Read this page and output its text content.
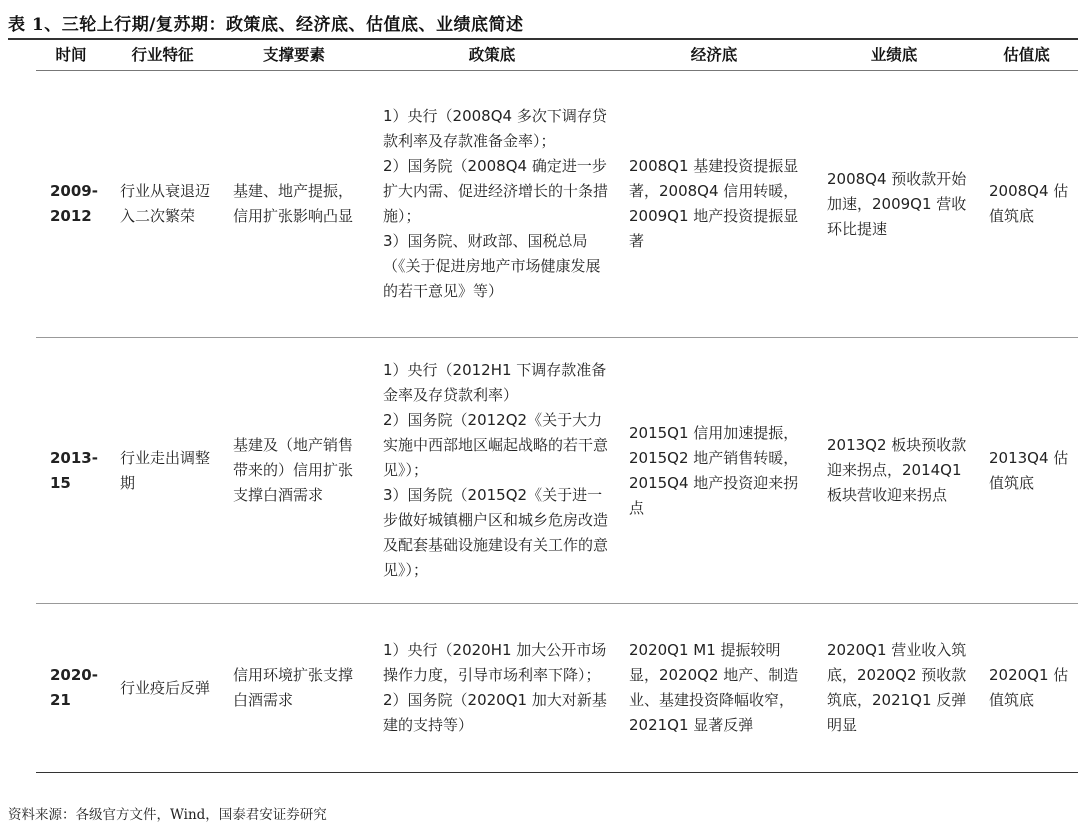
表 1、三轮上行期/复苏期：政策底、经济底、估值底、业绩底简述
时间	行业特征	支撑要素	政策底	经济底	业绩底	估值底
2009-2012	行业从衰退迈入二次繁荣	基建、地产提振，信用扩张影响凸显	1）央行（2008Q4 多次下调存贷款利率及存款准备金率）；
2）国务院（2008Q4 确定进一步扩大内需、促进经济增长的十条措施）；
3）国务院、财政部、国税总局（《关于促进房地产市场健康发展的若干意见》等）	2008Q1 基建投资提振显著，2008Q4 信用转暖，2009Q1 地产投资提振显著	2008Q4 预收款开始加速，2009Q1 营收环比提速	2008Q4 估值筑底
2013-15	行业走出调整期	基建及（地产销售带来的）信用扩张支撑白酒需求	1）央行（2012H1 下调存款准备金率及存贷款利率）
2）国务院（2012Q2《关于大力实施中西部地区崛起战略的若干意见》）；
3）国务院（2015Q2《关于进一步做好城镇棚户区和城乡危房改造及配套基础设施建设有关工作的意见》）；	2015Q1 信用加速提振，2015Q2 地产销售转暖，2015Q4 地产投资迎来拐点	2013Q2 板块预收款迎来拐点，2014Q1 板块营收迎来拐点	2013Q4 估值筑底
2020-21	行业疫后反弹	信用环境扩张支撑白酒需求	1）央行（2020H1 加大公开市场操作力度，引导市场利率下降）；
2）国务院（2020Q1 加大对新基建的支持等）	2020Q1 M1 提振较明显，2020Q2 地产、制造业、基建投资降幅收窄，2021Q1 显著反弹	2020Q1 营业收入筑底，2020Q2 预收款筑底，2021Q1 反弹明显	2020Q1 估值筑底
资料来源：各级官方文件，Wind，国泰君安证券研究
